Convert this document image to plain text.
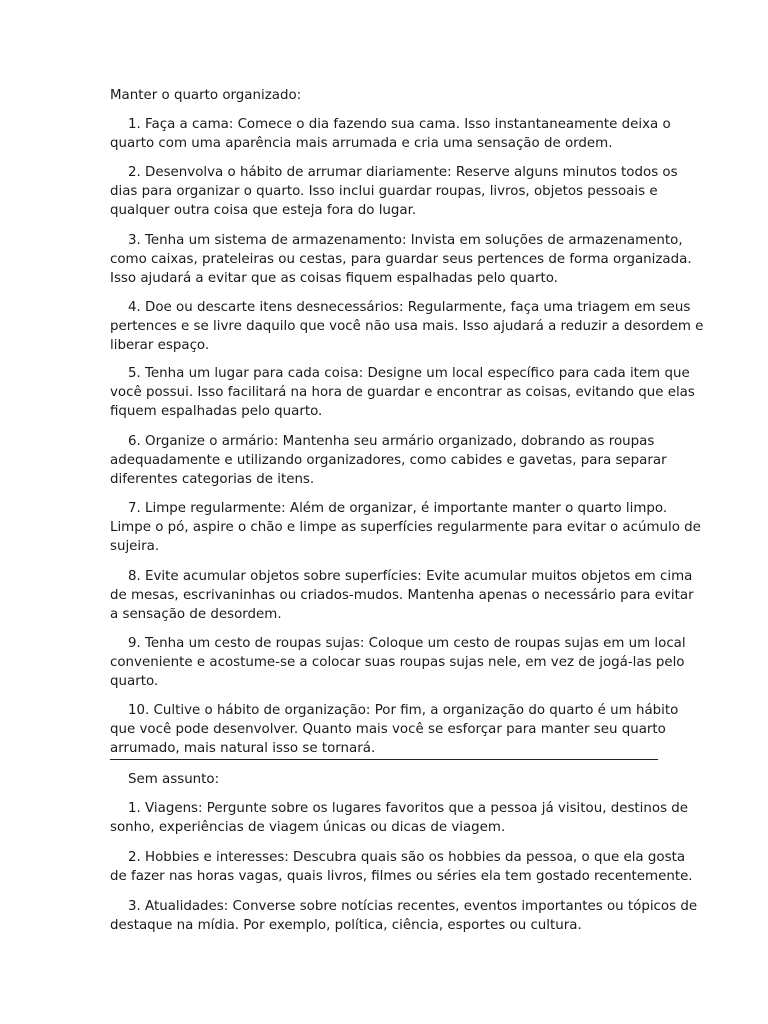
Manter o quarto organizado:
1. Faça a cama: Comece o dia fazendo sua cama. Isso instantaneamente deixa o
quarto com uma aparência mais arrumada e cria uma sensação de ordem.
2. Desenvolva o hábito de arrumar diariamente: Reserve alguns minutos todos os
dias para organizar o quarto. Isso inclui guardar roupas, livros, objetos pessoais e
qualquer outra coisa que esteja fora do lugar.
3. Tenha um sistema de armazenamento: Invista em soluções de armazenamento,
como caixas, prateleiras ou cestas, para guardar seus pertences de forma organizada.
Isso ajudará a evitar que as coisas fiquem espalhadas pelo quarto.
4. Doe ou descarte itens desnecessários: Regularmente, faça uma triagem em seus
pertences e se livre daquilo que você não usa mais. Isso ajudará a reduzir a desordem e
liberar espaço.
5. Tenha um lugar para cada coisa: Designe um local específico para cada item que
você possui. Isso facilitará na hora de guardar e encontrar as coisas, evitando que elas
fiquem espalhadas pelo quarto.
6. Organize o armário: Mantenha seu armário organizado, dobrando as roupas
adequadamente e utilizando organizadores, como cabides e gavetas, para separar
diferentes categorias de itens.
7. Limpe regularmente: Além de organizar, é importante manter o quarto limpo.
Limpe o pó, aspire o chão e limpe as superfícies regularmente para evitar o acúmulo de
sujeira.
8. Evite acumular objetos sobre superfícies: Evite acumular muitos objetos em cima
de mesas, escrivaninhas ou criados-mudos. Mantenha apenas o necessário para evitar
a sensação de desordem.
9. Tenha um cesto de roupas sujas: Coloque um cesto de roupas sujas em um local
conveniente e acostume-se a colocar suas roupas sujas nele, em vez de jogá-las pelo
quarto.
10. Cultive o hábito de organização: Por fim, a organização do quarto é um hábito
que você pode desenvolver. Quanto mais você se esforçar para manter seu quarto
arrumado, mais natural isso se tornará.
Sem assunto:
1. Viagens: Pergunte sobre os lugares favoritos que a pessoa já visitou, destinos de
sonho, experiências de viagem únicas ou dicas de viagem.
2. Hobbies e interesses: Descubra quais são os hobbies da pessoa, o que ela gosta
de fazer nas horas vagas, quais livros, filmes ou séries ela tem gostado recentemente.
3. Atualidades: Converse sobre notícias recentes, eventos importantes ou tópicos de
destaque na mídia. Por exemplo, política, ciência, esportes ou cultura.
